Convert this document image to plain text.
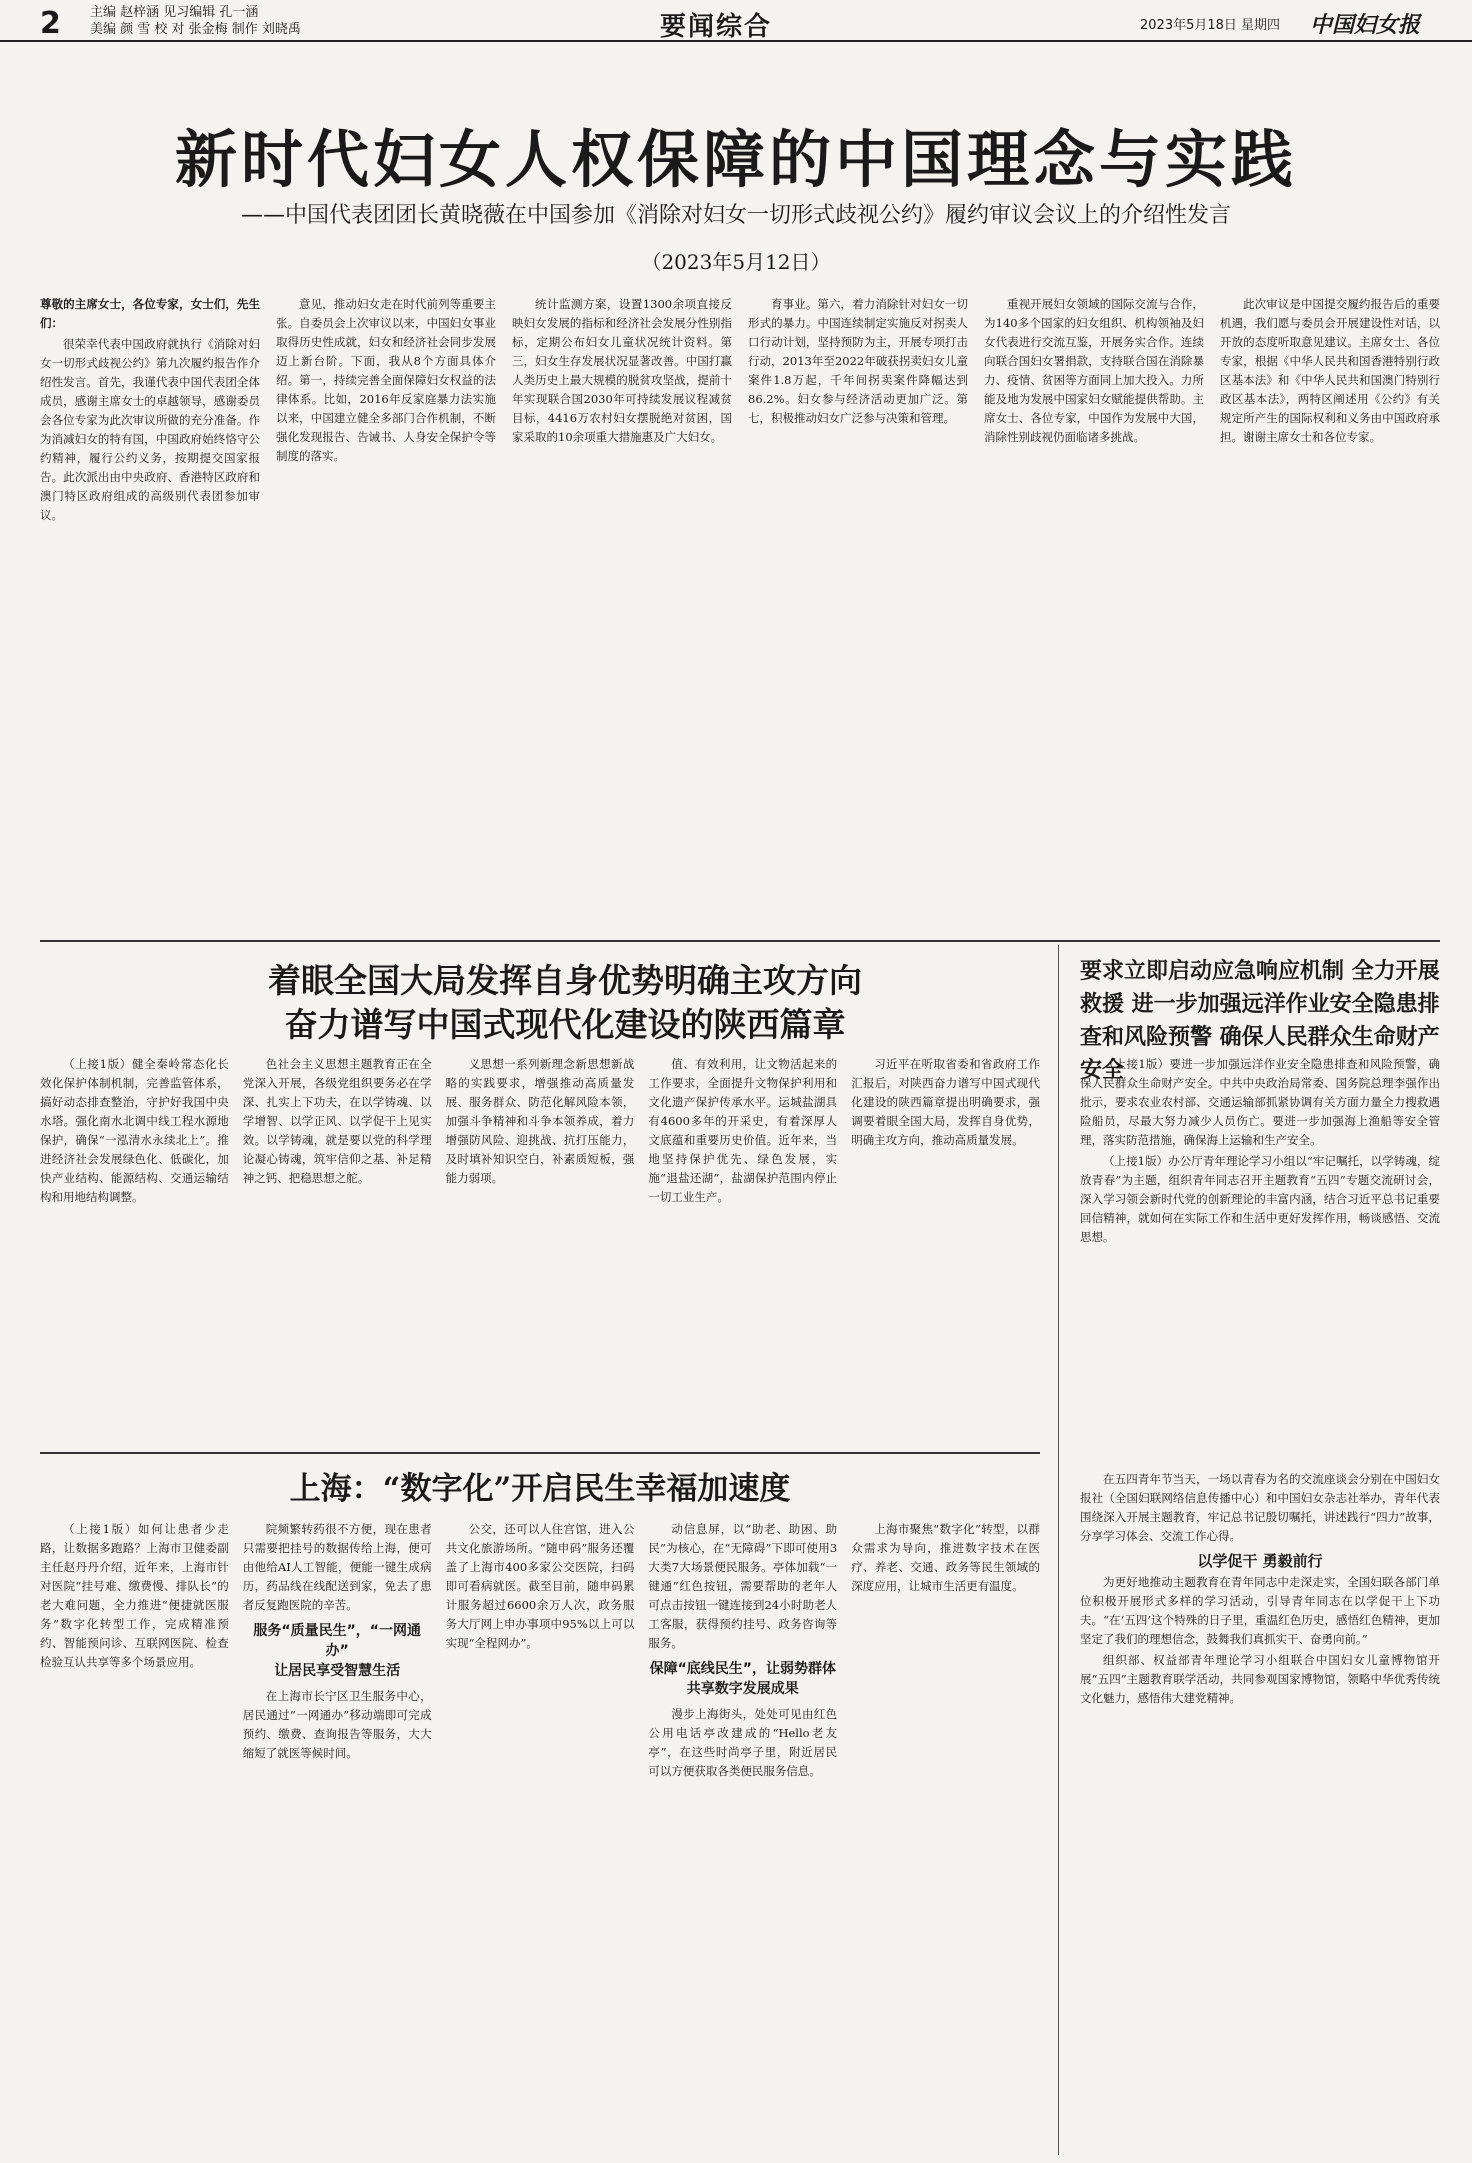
2	主编 赵梓涵 见习编辑 孔一涵
美编 颜 雪 校 对 张金梅 制作 刘晓禹	要闻综合	2023年5月18日 星期四 中国妇女报
新时代妇女人权保障的中国理念与实践
——中国代表团团长黄晓薇在中国参加《消除对妇女一切形式歧视公约》履约审议会议上的介绍性发言
（2023年5月12日）

尊敬的主席女士，各位专家，女士们，先生们：

很荣幸代表中国政府就执行《消除对妇女一切形式歧视公约》第九次履约报告作介绍性发言。首先，我谨代表中国代表团全体成员，感谢主席女士的卓越领导，感谢委员会各位专家为此次审议所做的充分准备。作为消减妇女的特有国，中国政府始终恪守公约精神，履行公约义务，按期提交国家报告。此次派出由中央政府、香港特区政府和澳门特区政府组成的高级别代表团参加审议。

意见，推动妇女走在时代前列等重要主张。自委员会上次审议以来，中国妇女事业取得历史性成就，妇女和经济社会同步发展迈上新台阶。下面，我从8个方面具体介绍。第一，持续完善全面保障妇女权益的法律体系。比如，2016年反家庭暴力法实施以来，中国建立健全多部门合作机制，不断强化发现报告、告诫书、人身安全保护令等制度的落实。

统计监测方案，设置1300余项直接反映妇女发展的指标和经济社会发展分性别指标，定期公布妇女儿童状况统计资料。第三，妇女生存发展状况显著改善。中国打赢人类历史上最大规模的脱贫攻坚战，提前十年实现联合国2030年可持续发展议程减贫目标，4416万农村妇女摆脱绝对贫困，国家采取的10余项重大措施惠及广大妇女。

育事业。第六，着力消除针对妇女一切形式的暴力。中国连续制定实施反对拐卖人口行动计划，坚持预防为主，开展专项打击行动，2013年至2022年破获拐卖妇女儿童案件1.8万起，千年间拐卖案件降幅达到86.2%。妇女参与经济活动更加广泛。第七，积极推动妇女广泛参与决策和管理。

重视开展妇女领域的国际交流与合作，为140多个国家的妇女组织、机构领袖及妇女代表进行交流互鉴，开展务实合作。连续向联合国妇女署捐款，支持联合国在消除暴力、疫情、贫困等方面同上加大投入。力所能及地为发展中国家妇女赋能提供帮助。主席女士、各位专家，中国作为发展中大国，消除性别歧视仍面临诸多挑战。

此次审议是中国提交履约报告后的重要机遇，我们愿与委员会开展建设性对话，以开放的态度听取意见建议。主席女士、各位专家，根据《中华人民共和国香港特别行政区基本法》和《中华人民共和国澳门特别行政区基本法》，两特区阐述用《公约》有关规定所产生的国际权利和义务由中国政府承担。谢谢主席女士和各位专家。

着眼全国大局发挥自身优势明确主攻方向
奋力谱写中国式现代化建设的陕西篇章

（上接1版）健全秦岭常态化长效化保护体制机制，完善监管体系，搞好动态排查整治，守护好我国中央水塔。强化南水北调中线工程水源地保护，确保“一泓清水永续北上”。推进经济社会发展绿色化、低碳化，加快产业结构、能源结构、交通运输结构和用地结构调整。

色社会主义思想主题教育正在全党深入开展，各级党组织要务必在学深、扎实上下功夫，在以学铸魂、以学增智、以学正风、以学促干上见实效。以学铸魂，就是要以党的科学理论凝心铸魂，筑牢信仰之基、补足精神之钙、把稳思想之舵。

义思想一系列新理念新思想新战略的实践要求，增强推动高质量发展、服务群众、防范化解风险本领，加强斗争精神和斗争本领养成，着力增强防风险、迎挑战、抗打压能力，及时填补知识空白，补素质短板，强能力弱项。

值、有效利用，让文物活起来的工作要求，全面提升文物保护利用和文化遗产保护传承水平。运城盐湖具有4600多年的开采史，有着深厚人文底蕴和重要历史价值。近年来，当地坚持保护优先、绿色发展，实施“退盐还湖”，盐湖保护范围内停止一切工业生产。

习近平在听取省委和省政府工作汇报后，对陕西奋力谱写中国式现代化建设的陕西篇章提出明确要求，强调要着眼全国大局，发挥自身优势，明确主攻方向，推动高质量发展。

要求立即启动应急响应机制 全力开展救援 进一步加强远洋作业安全隐患排查和风险预警 确保人民群众生命财产安全

（上接1版）要进一步加强远洋作业安全隐患排查和风险预警，确保人民群众生命财产安全。中共中央政治局常委、国务院总理李强作出批示，要求农业农村部、交通运输部抓紧协调有关方面力量全力搜救遇险船员，尽最大努力减少人员伤亡。要进一步加强海上渔船等安全管理，落实防范措施，确保海上运输和生产安全。

（上接1版）办公厅青年理论学习小组以“牢记嘱托，以学铸魂，绽放青春”为主题，组织青年同志召开主题教育“五四”专题交流研讨会，深入学习领会新时代党的创新理论的丰富内涵，结合习近平总书记重要回信精神，就如何在实际工作和生活中更好发挥作用，畅谈感悟、交流思想。

上海：“数字化”开启民生幸福加速度

（上接1版）如何让患者少走路，让数据多跑路？上海市卫健委副主任赵丹丹介绍，近年来，上海市针对医院“挂号难、缴费慢、排队长”的老大难问题，全力推进“便捷就医服务”数字化转型工作，完成精准预约、智能预问诊、互联网医院、检查检验互认共享等多个场景应用。

院频繁转药很不方便，现在患者只需要把挂号的数据传给上海，便可由他给AI人工智能，便能一键生成病历，药品线在线配送到家，免去了患者反复跑医院的辛苦。

服务“质量民生”，“一网通办”
让居民享受智慧生活

在上海市长宁区卫生服务中心，居民通过“一网通办”移动端即可完成预约、缴费、查询报告等服务，大大缩短了就医等候时间。

公交，还可以人住宫馆，进入公共文化旅游场所。“随申码”服务还覆盖了上海市400多家公交医院，扫码即可看病就医。截至目前，随申码累计服务超过6600余万人次，政务服务大厅网上申办事项中95%以上可以实现“全程网办”。

动信息屏，以“助老、助困、助民”为核心，在“无障碍”下即可使用3大类7大场景便民服务。亭体加载“一键通”红色按钮，需要帮助的老年人可点击按钮一键连接到24小时助老人工客服，获得预约挂号、政务咨询等服务。

保障“底线民生”，让弱势群体
共享数字发展成果

漫步上海街头，处处可见由红色公用电话亭改建成的“Hello老友亭”，在这些时尚亭子里，附近居民可以方便获取各类便民服务信息。

上海市聚焦“数字化”转型，以群众需求为导向，推进数字技术在医疗、养老、交通、政务等民生领域的深度应用，让城市生活更有温度。

在五四青年节当天，一场以青春为名的交流座谈会分别在中国妇女报社（全国妇联网络信息传播中心）和中国妇女杂志社举办，青年代表围绕深入开展主题教育，牢记总书记殷切嘱托，讲述践行“四力”故事，分享学习体会、交流工作心得。

以学促干 勇毅前行

为更好地推动主题教育在青年同志中走深走实，全国妇联各部门单位积极开展形式多样的学习活动，引导青年同志在以学促干上下功夫。“在‘五四’这个特殊的日子里，重温红色历史，感悟红色精神，更加坚定了我们的理想信念，鼓舞我们真抓实干、奋勇向前。”

组织部、权益部青年理论学习小组联合中国妇女儿童博物馆开展“五四”主题教育联学活动，共同参观国家博物馆，领略中华优秀传统文化魅力，感悟伟大建党精神。
